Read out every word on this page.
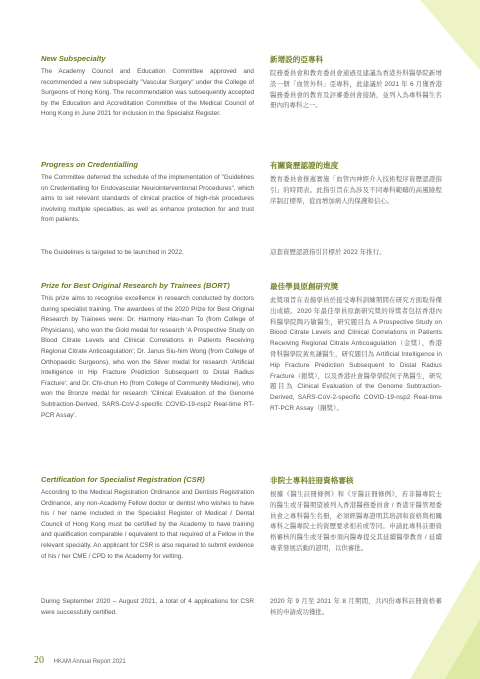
New Subspecialty

The Academy Council and Education Committee approved and recommended a new subspecialty "Vascular Surgery" under the College of Surgeons of Hong Kong. The recommendation was subsequently accepted by the Education and Accreditation Committee of the Medical Council of Hong Kong in June 2021 for inclusion in the Specialist Register.

新增設的亞專科

院務委員會和教育委員會通過及建議為香港外科醫學院新增設一個「血管外科」亞專科，此建議於 2021 年 6 月獲香港醫務委員會的教育及評審委員會接納，並列入為專科醫生名冊內的專科之一。

Progress on Credentialling

The Committee deferred the schedule of the implementation of "Guidelines on Credentialling for Endovascular Neurointerventional Procedures", which aims to set relevant standards of clinical practice of high-risk procedures involving multiple specialties, as well as enhance protection for and trust from patients.

The Guidelines is targeted to be launched in 2022.

有關資歷認證的進度

教育委員會推遲實施「血管內神經介入技術程序資歷認證指引」的時間表。此指引旨在為涉及不同專科範疇的高風險程序制訂標準，從而增加病人的保護和信心。

這套資歷認證指引目標於 2022 年推行。

Prize for Best Original Research by Trainees (BORT)

This prize aims to recognise excellence in research conducted by doctors during specialist training. The awardees of the 2020 Prize for Best Original Research by Trainees were: Dr. Harmony Hau-man To (from College of Physicians), who won the Gold medal for research 'A Prospective Study on Blood Citrate Levels and Clinical Correlations in Patients Receiving Regional Citrate Anticoagulation'; Dr. Janus Siu-him Wong (from College of Orthopaedic Surgeons), who won the Silver medal for research 'Artificial Intelligence in Hip Fracture Prediction Subsequent to Distal Radius Fracture'; and Dr. Chi-chun Ho (from College of Community Medicine), who won the Bronze medal for research 'Clinical Evaluation of the Genome Subtraction-Derived, SARS-CoV-2-specific COVID-19-nsp2 Real-time RT-PCR Assay'.

最佳學員原創研究獎

此獎項旨在表揚學員於接受專科訓練期間在研究方面取得傑出成績。2020 年最佳學員原創研究獎的得獎者包括香港內科醫學院陶巧敏醫生，研究題目為 A Prospective Study on Blood Citrate Levels and Clinical Correlations in Patients Receiving Regional Citrate Anticoagulation（金獎）、香港骨科醫學院黃兆謙醫生，研究題目為 Artificial Intelligence in Hip Fracture Prediction Subsequent to Distal Radius Fracture（銀獎），以及香港社會醫學學院何子雋醫生，研究題目為 Clinical Evaluation of the Genome Subtraction-Derived, SARS-CoV-2-specific COVID-19-nsp2 Real-time RT-PCR Assay（銅獎）。

Certification for Specialist Registration (CSR)

According to the Medical Registration Ordinance and Dentists Registration Ordinance, any non-Academy Fellow doctor or dentist who wishes to have his / her name included in the Specialist Register of Medical / Dental Council of Hong Kong must be certified by the Academy to have training and qualification comparable / equivalent to that required of a Fellow in the relevant specialty. An applicant for CSR is also required to submit evidence of his / her CME / CPD to the Academy for vetting.

During September 2020 – August 2021, a total of 4 applications for CSR were successfully certified.

非院士專科註冊資格審核

根據《醫生註冊條例》和《牙醫註冊條例》，若非醫專院士的醫生或牙醫期望被列入香港醫務委員會 / 香港牙醫管理委員會之專科醫生名冊，必須經醫專證明其培訓和資格與相關專科之醫專院士的資歷要求相若或等同。申請此專科註冊資格審核的醫生或牙醫亦須向醫專提交其延續醫學教育 / 延續專業發展活動的證明，以供審批。

2020 年 9 月至 2021 年 8 月期間，共四份專科註冊資格審核的申請成功獲批。

20 HKAM Annual Report 2021
